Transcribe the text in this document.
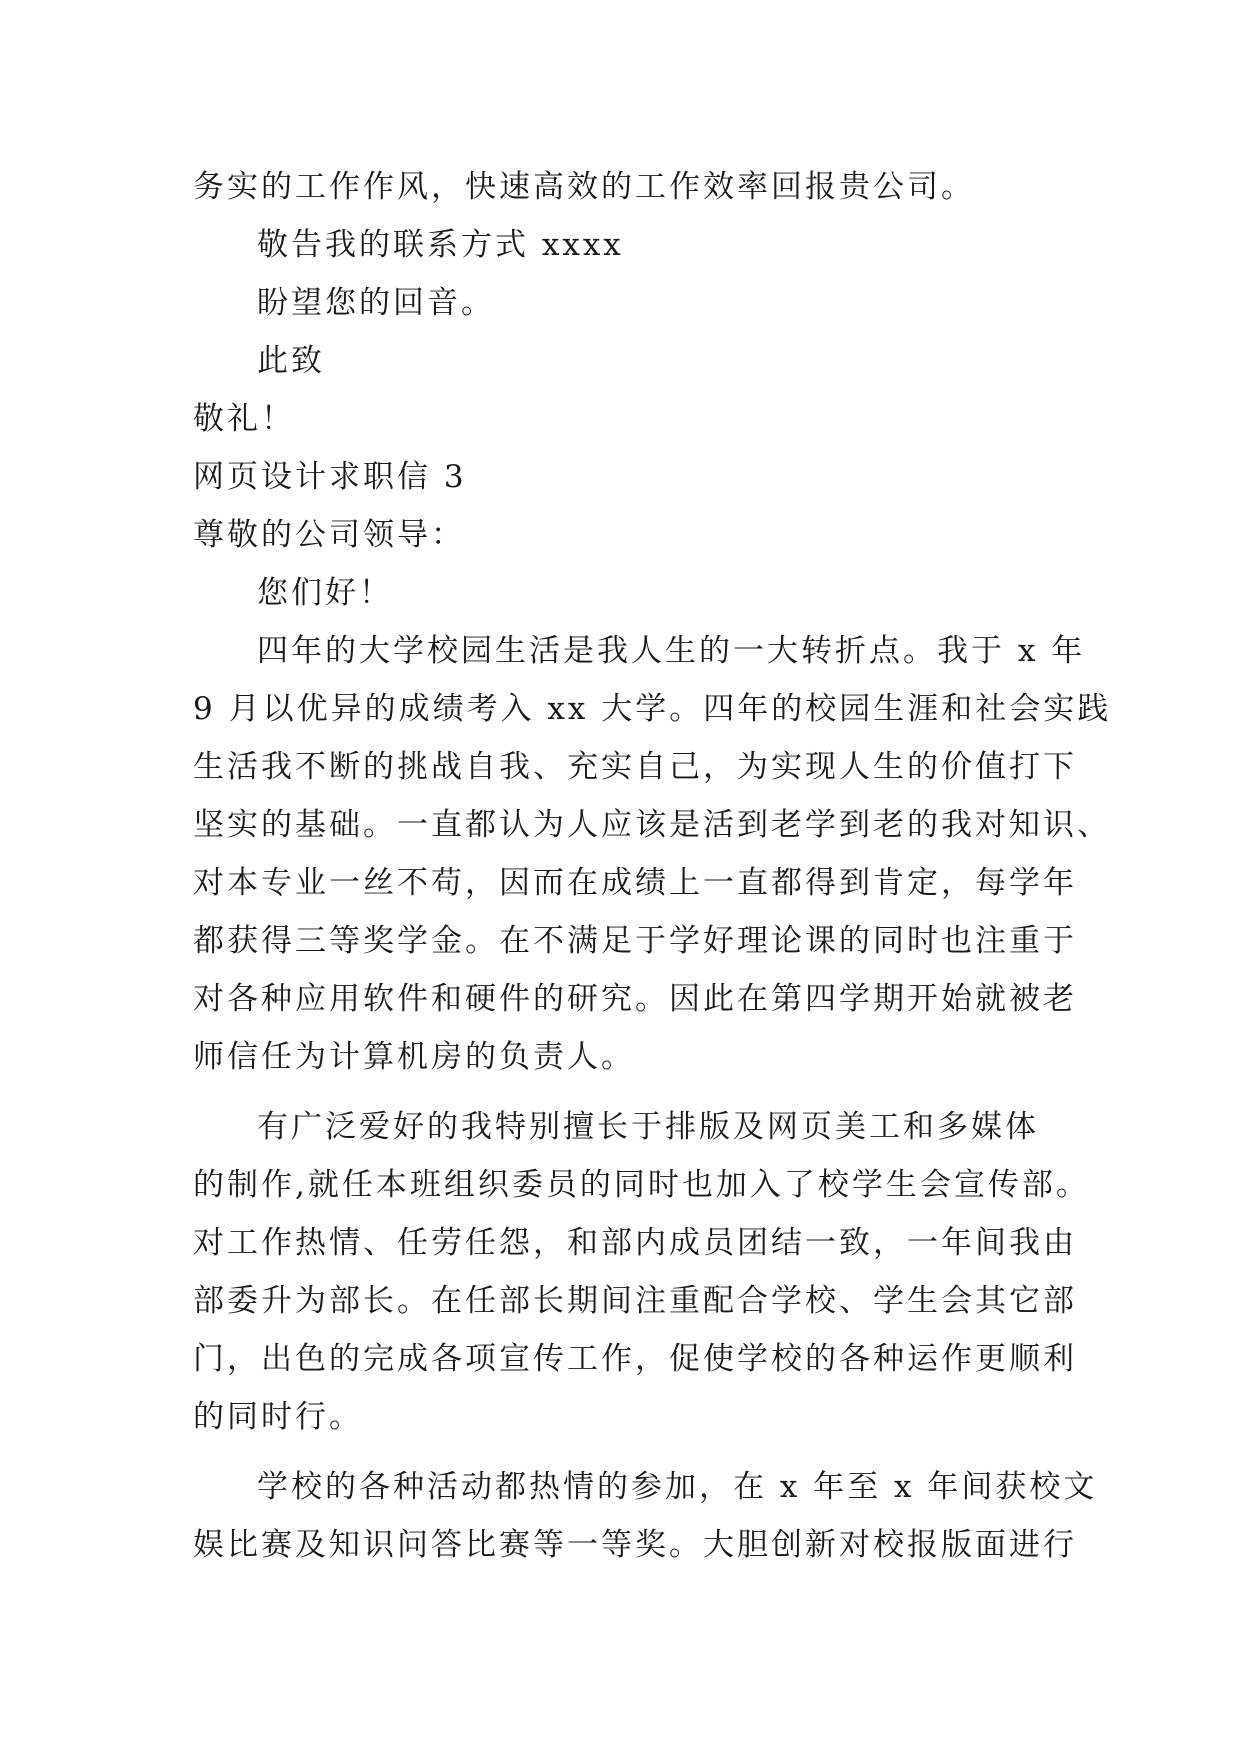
务实的工作作风，快速高效的工作效率回报贵公司。
敬告我的联系方式 xxxx
盼望您的回音。
此致
敬礼！
网页设计求职信 3
尊敬的公司领导：
您们好！
四年的大学校园生活是我人生的一大转折点。我于 x 年
9 月以优异的成绩考入 xx 大学。四年的校园生涯和社会实践
生活我不断的挑战自我、充实自己，为实现人生的价值打下
坚实的基础。一直都认为人应该是活到老学到老的我对知识、
对本专业一丝不苟，因而在成绩上一直都得到肯定，每学年
都获得三等奖学金。在不满足于学好理论课的同时也注重于
对各种应用软件和硬件的研究。因此在第四学期开始就被老
师信任为计算机房的负责人。
有广泛爱好的我特别擅长于排版及网页美工和多媒体
的制作,就任本班组织委员的同时也加入了校学生会宣传部。
对工作热情、任劳任怨，和部内成员团结一致，一年间我由
部委升为部长。在任部长期间注重配合学校、学生会其它部
门，出色的完成各项宣传工作，促使学校的各种运作更顺利
的同时行。
学校的各种活动都热情的参加，在 x 年至 x 年间获校文
娱比赛及知识问答比赛等一等奖。大胆创新对校报版面进行
